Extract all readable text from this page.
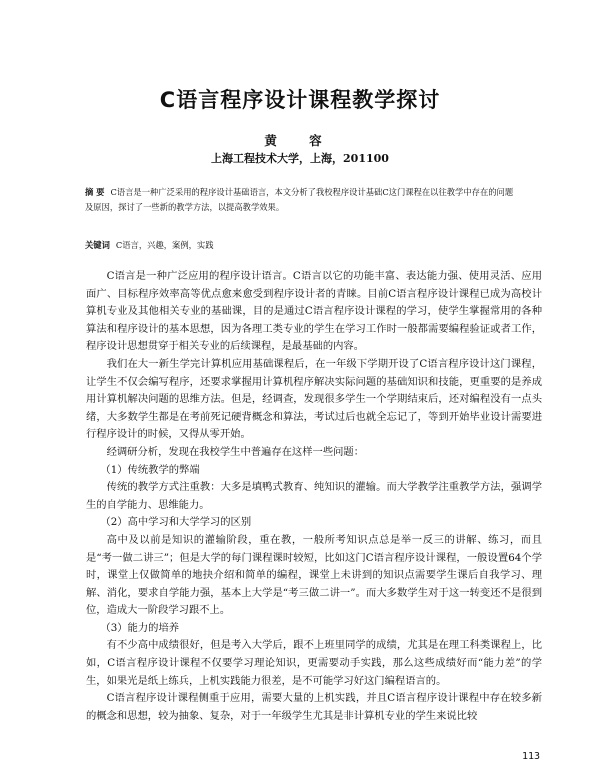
C语言程序设计课程教学探讨
黄 容
上海工程技术大学，上海，201100
摘 要 C语言是一种广泛采用的程序设计基础语言，本文分析了我校程序设计基础C这门课程在以往教学中存在的问题及原因，探讨了一些新的教学方法，以提高教学效果。
关键词 C语言，兴趣，案例，实践

C语言是一种广泛应用的程序设计语言。C语言以它的功能丰富、表达能力强、使用灵活、应用面广、目标程序效率高等优点愈来愈受到程序设计者的青睐。目前C语言程序设计课程已成为高校计算机专业及其他相关专业的基础课，目的是通过C语言程序设计课程的学习，使学生掌握常用的各种算法和程序设计的基本思想，因为各理工类专业的学生在学习工作时一般都需要编程验证或者工作，程序设计思想贯穿于相关专业的后续课程，是最基础的内容。

我们在大一新生学完计算机应用基础课程后，在一年级下学期开设了C语言程序设计这门课程，让学生不仅会编写程序，还要求掌握用计算机程序解决实际问题的基础知识和技能，更重要的是养成用计算机解决问题的思维方法。但是，经调查，发现很多学生一个学期结束后，还对编程没有一点头绪，大多数学生都是在考前死记硬背概念和算法，考试过后也就全忘记了，等到开始毕业设计需要进行程序设计的时候，又得从零开始。

经调研分析，发现在我校学生中普遍存在这样一些问题：

（1）传统教学的弊端

传统的教学方式注重教：大多是填鸭式教育、纯知识的灌输。而大学教学注重教学方法，强调学生的自学能力、思维能力。

（2）高中学习和大学学习的区别

高中及以前是知识的灌输阶段，重在教，一般所考知识点总是举一反三的讲解、练习，而且是“考一做二讲三”；但是大学的每门课程课时较短，比如这门C语言程序设计课程，一般设置64个学时，课堂上仅做简单的地抉介绍和简单的编程，课堂上未讲到的知识点需要学生课后自我学习、理解、消化，要求自学能力强，基本上大学是“考三做二讲一”。而大多数学生对于这一转变还不是很到位，造成大一阶段学习跟不上。

（3）能力的培养

有不少高中成绩很好，但是考入大学后，跟不上班里同学的成绩，尤其是在理工科类课程上，比如，C语言程序设计课程不仅要学习理论知识，更需要动手实践，那么这些成绩好而“能力差”的学生，如果光是纸上练兵，上机实践能力很差，是不可能学习好这门编程语言的。

C语言程序设计课程侧重于应用，需要大量的上机实践，并且C语言程序设计课程中存在较多新的概念和思想，较为抽象、复杂，对于一年级学生尤其是非计算机专业的学生来说比较

113
